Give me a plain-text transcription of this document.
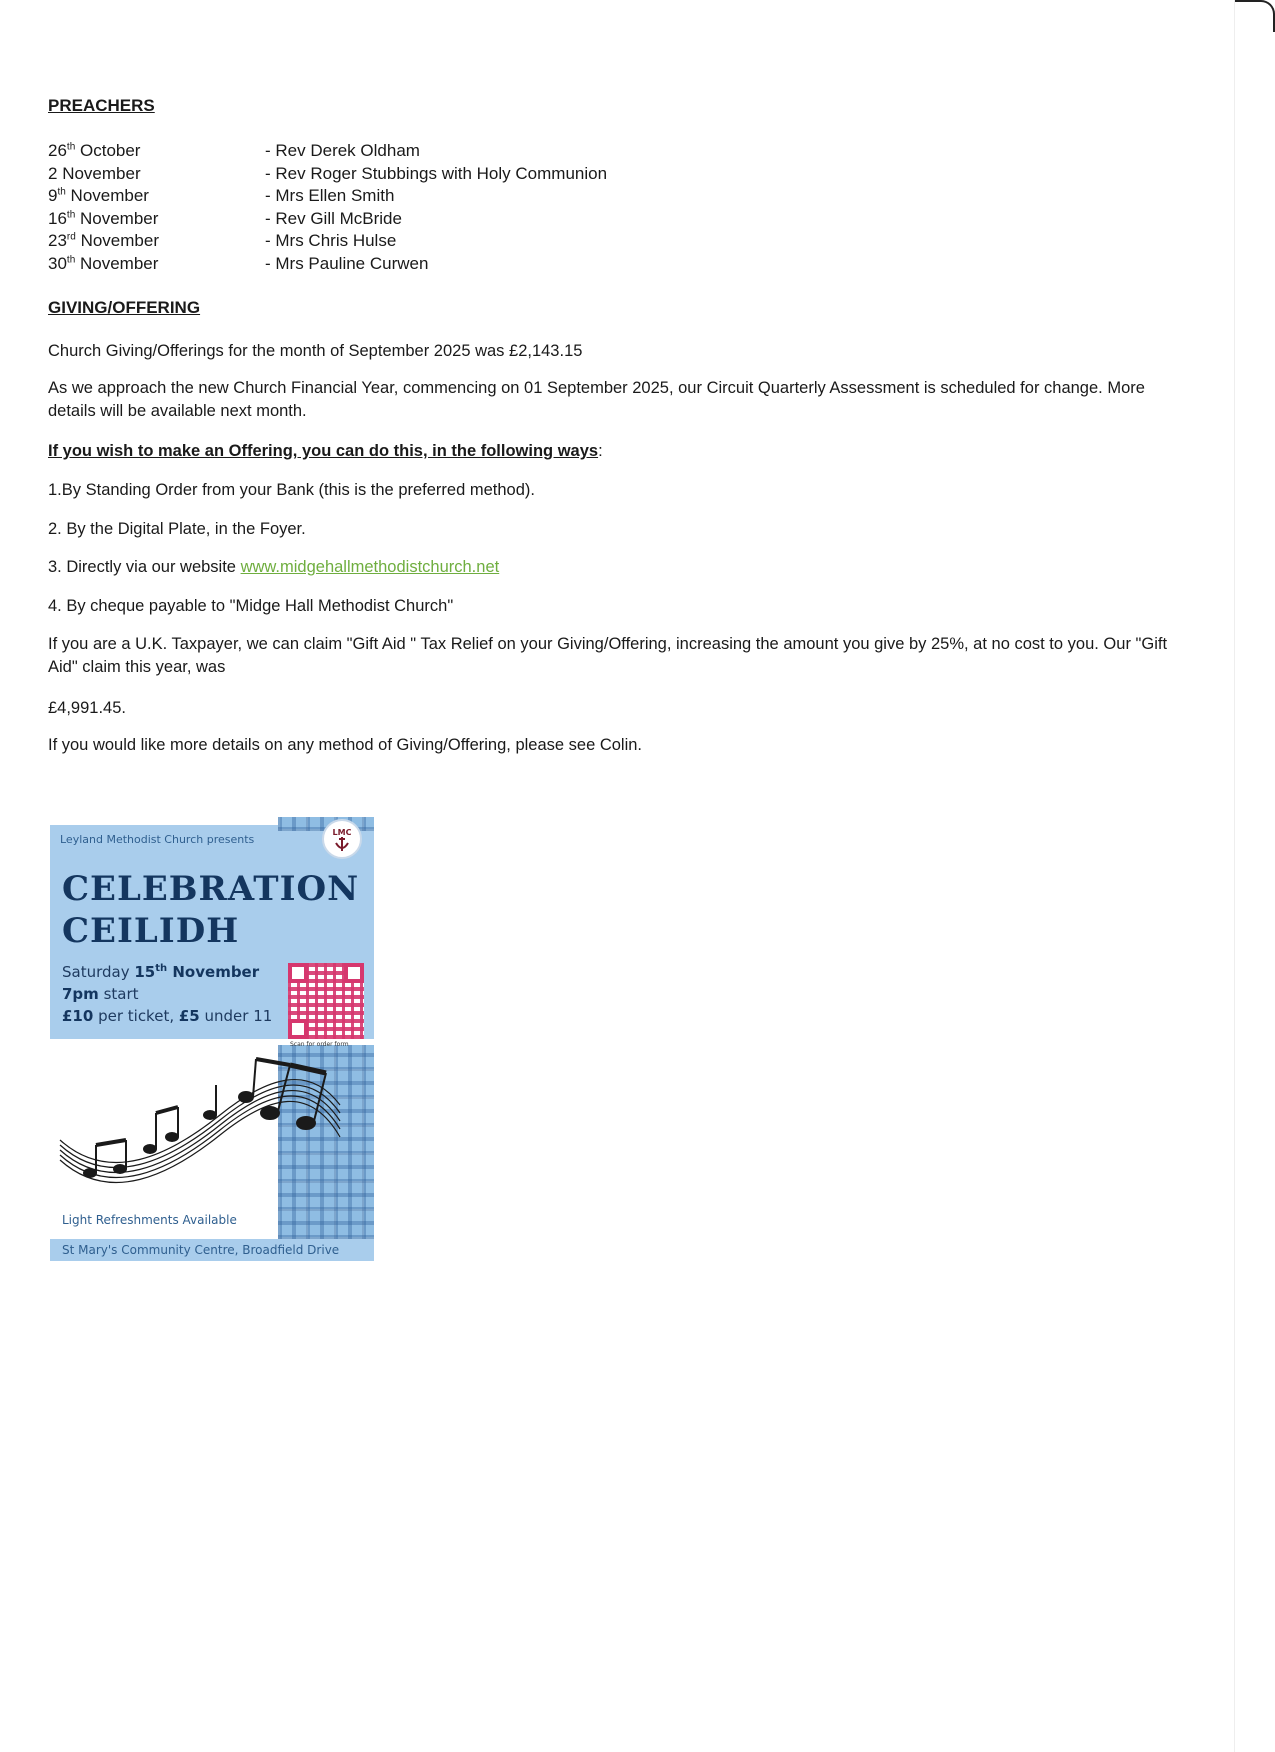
PREACHERS
26th October	- Rev Derek Oldham
2 November	- Rev Roger Stubbings with Holy Communion
9th November	- Mrs Ellen Smith
16th November	- Rev Gill McBride
23rd November	- Mrs Chris Hulse
30th November	- Mrs Pauline Curwen
GIVING/OFFERING

Church Giving/Offerings for the month of September 2025 was £2,143.15

As we approach the new Church Financial Year, commencing on 01 September 2025, our Circuit Quarterly Assessment is scheduled for change. More details will be available next month.

If you wish to make an Offering, you can do this, in the following ways:

1.By Standing Order from your Bank (this is the preferred method).

2. By the Digital Plate, in the Foyer.

3. Directly via our website www.midgehallmethodistchurch.net

4. By cheque payable to "Midge Hall Methodist Church"

If you are a U.K. Taxpayer, we can claim "Gift Aid " Tax Relief on your Giving/Offering, increasing the amount you give by 25%, at no cost to you. Our "Gift Aid" claim this year, was

£4,991.45.

If you would like more details on any method of Giving/Offering, please see Colin.

Leyland Methodist Church presents
LMC
CELEBRATION
CEILIDH
Saturday 15th November
7pm start
£10 per ticket, £5 under 11
Scan for order form
Light Refreshments Available
St Mary's Community Centre, Broadfield Drive
